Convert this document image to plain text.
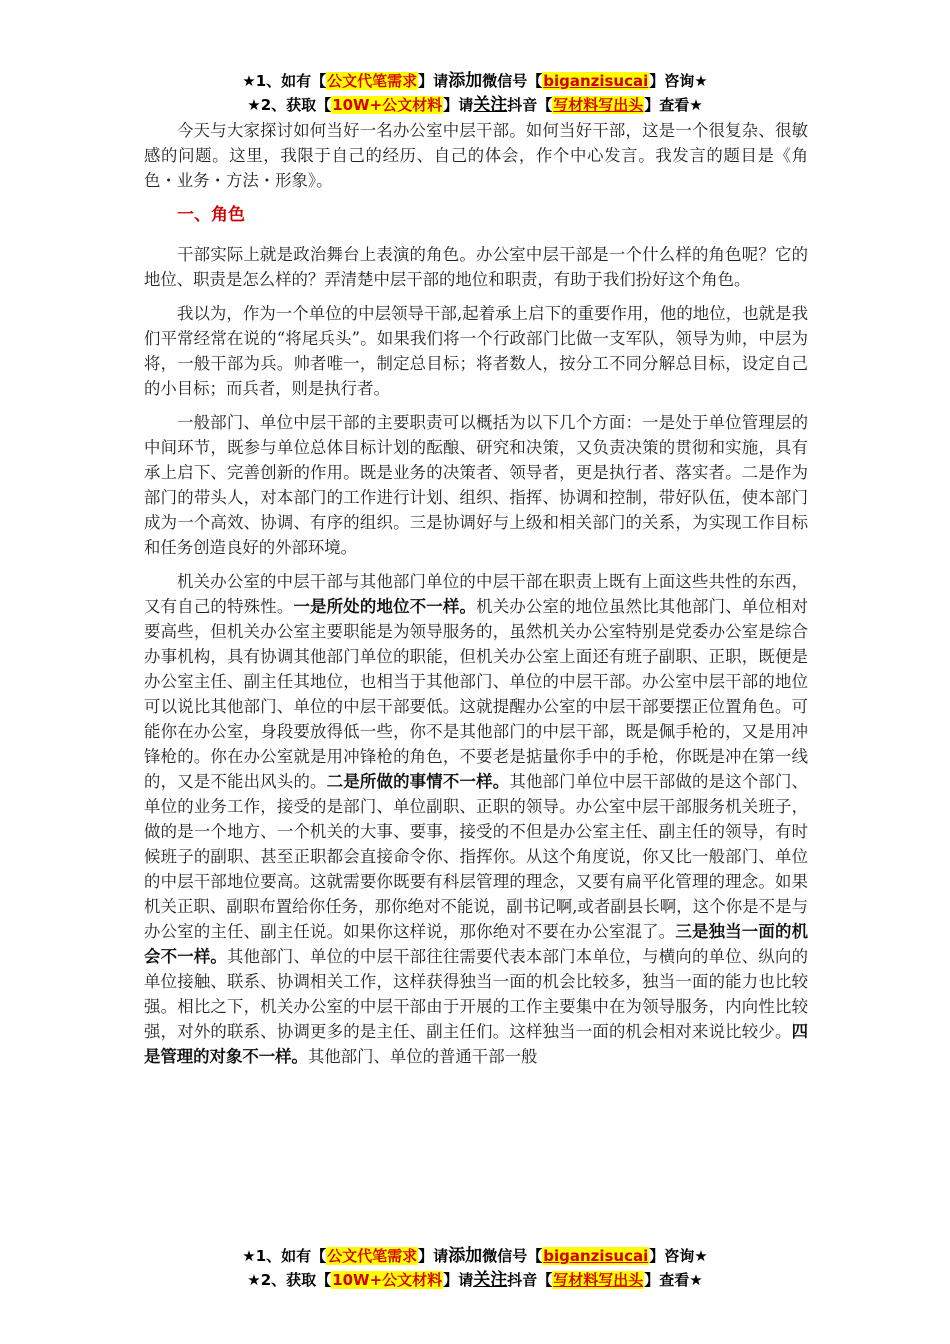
★1、如有【公文代笔需求】请添加微信号【biganzisucai】咨询★
★2、获取【10W+公文材料】请关注抖音【写材料写出头】查看★

今天与大家探讨如何当好一名办公室中层干部。如何当好干部，这是一个很复杂、很敏感的问题。这里，我限于自己的经历、自己的体会，作个中心发言。我发言的题目是《角色・业务・方法・形象》。

一、角色

干部实际上就是政治舞台上表演的角色。办公室中层干部是一个什么样的角色呢？它的地位、职责是怎么样的？弄清楚中层干部的地位和职责，有助于我们扮好这个角色。

我以为，作为一个单位的中层领导干部,起着承上启下的重要作用，他的地位，也就是我们平常经常在说的“将尾兵头”。如果我们将一个行政部门比做一支军队，领导为帅，中层为将，一般干部为兵。帅者唯一，制定总目标；将者数人，按分工不同分解总目标，设定自己的小目标；而兵者，则是执行者。

一般部门、单位中层干部的主要职责可以概括为以下几个方面：一是处于单位管理层的中间环节，既参与单位总体目标计划的酝酿、研究和决策，又负责决策的贯彻和实施，具有承上启下、完善创新的作用。既是业务的决策者、领导者，更是执行者、落实者。二是作为部门的带头人，对本部门的工作进行计划、组织、指挥、协调和控制，带好队伍，使本部门成为一个高效、协调、有序的组织。三是协调好与上级和相关部门的关系，为实现工作目标和任务创造良好的外部环境。

机关办公室的中层干部与其他部门单位的中层干部在职责上既有上面这些共性的东西，又有自己的特殊性。一是所处的地位不一样。机关办公室的地位虽然比其他部门、单位相对要高些，但机关办公室主要职能是为领导服务的，虽然机关办公室特别是党委办公室是综合办事机构，具有协调其他部门单位的职能，但机关办公室上面还有班子副职、正职，既便是办公室主任、副主任其地位，也相当于其他部门、单位的中层干部。办公室中层干部的地位可以说比其他部门、单位的中层干部要低。这就提醒办公室的中层干部要摆正位置角色。可能你在办公室，身段要放得低一些，你不是其他部门的中层干部，既是佩手枪的，又是用冲锋枪的。你在办公室就是用冲锋枪的角色，不要老是掂量你手中的手枪，你既是冲在第一线的，又是不能出风头的。二是所做的事情不一样。其他部门单位中层干部做的是这个部门、单位的业务工作，接受的是部门、单位副职、正职的领导。办公室中层干部服务机关班子，做的是一个地方、一个机关的大事、要事，接受的不但是办公室主任、副主任的领导，有时候班子的副职、甚至正职都会直接命令你、指挥你。从这个角度说，你又比一般部门、单位的中层干部地位要高。这就需要你既要有科层管理的理念，又要有扁平化管理的理念。如果机关正职、副职布置给你任务，那你绝对不能说，副书记啊,或者副县长啊，这个你是不是与办公室的主任、副主任说。如果你这样说，那你绝对不要在办公室混了。三是独当一面的机会不一样。其他部门、单位的中层干部往往需要代表本部门本单位，与横向的单位、纵向的单位接触、联系、协调相关工作，这样获得独当一面的机会比较多，独当一面的能力也比较强。相比之下，机关办公室的中层干部由于开展的工作主要集中在为领导服务，内向性比较强，对外的联系、协调更多的是主任、副主任们。这样独当一面的机会相对来说比较少。四是管理的对象不一样。其他部门、单位的普通干部一般

★1、如有【公文代笔需求】请添加微信号【biganzisucai】咨询★
★2、获取【10W+公文材料】请关注抖音【写材料写出头】查看★
